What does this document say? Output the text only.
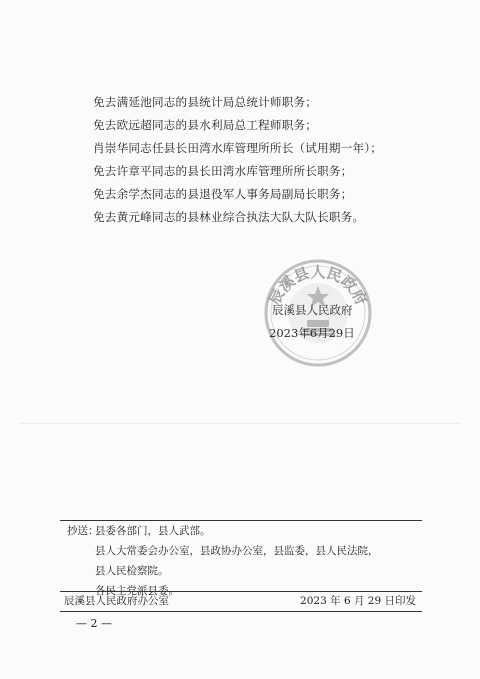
免去满延池同志的县统计局总统计师职务；
免去欧远超同志的县水利局总工程师职务；
肖崇华同志任县长田湾水库管理所所长（试用期一年）；
免去许章平同志的县长田湾水库管理所所长职务；
免去余学杰同志的县退役军人事务局副局长职务；
免去黄元峰同志的县林业综合执法大队大队长职务。
辰溪县人民政府
辰溪县人民政府
2023年6月29日
抄送：
县委各部门，县人武部。

县人大常委会办公室，县政协办公室，县监委，县人民法院，
县人民检察院。
各民主党派县委。
辰溪县人民政府办公室	2023 年 6 月 29 日印发
— 2 —
